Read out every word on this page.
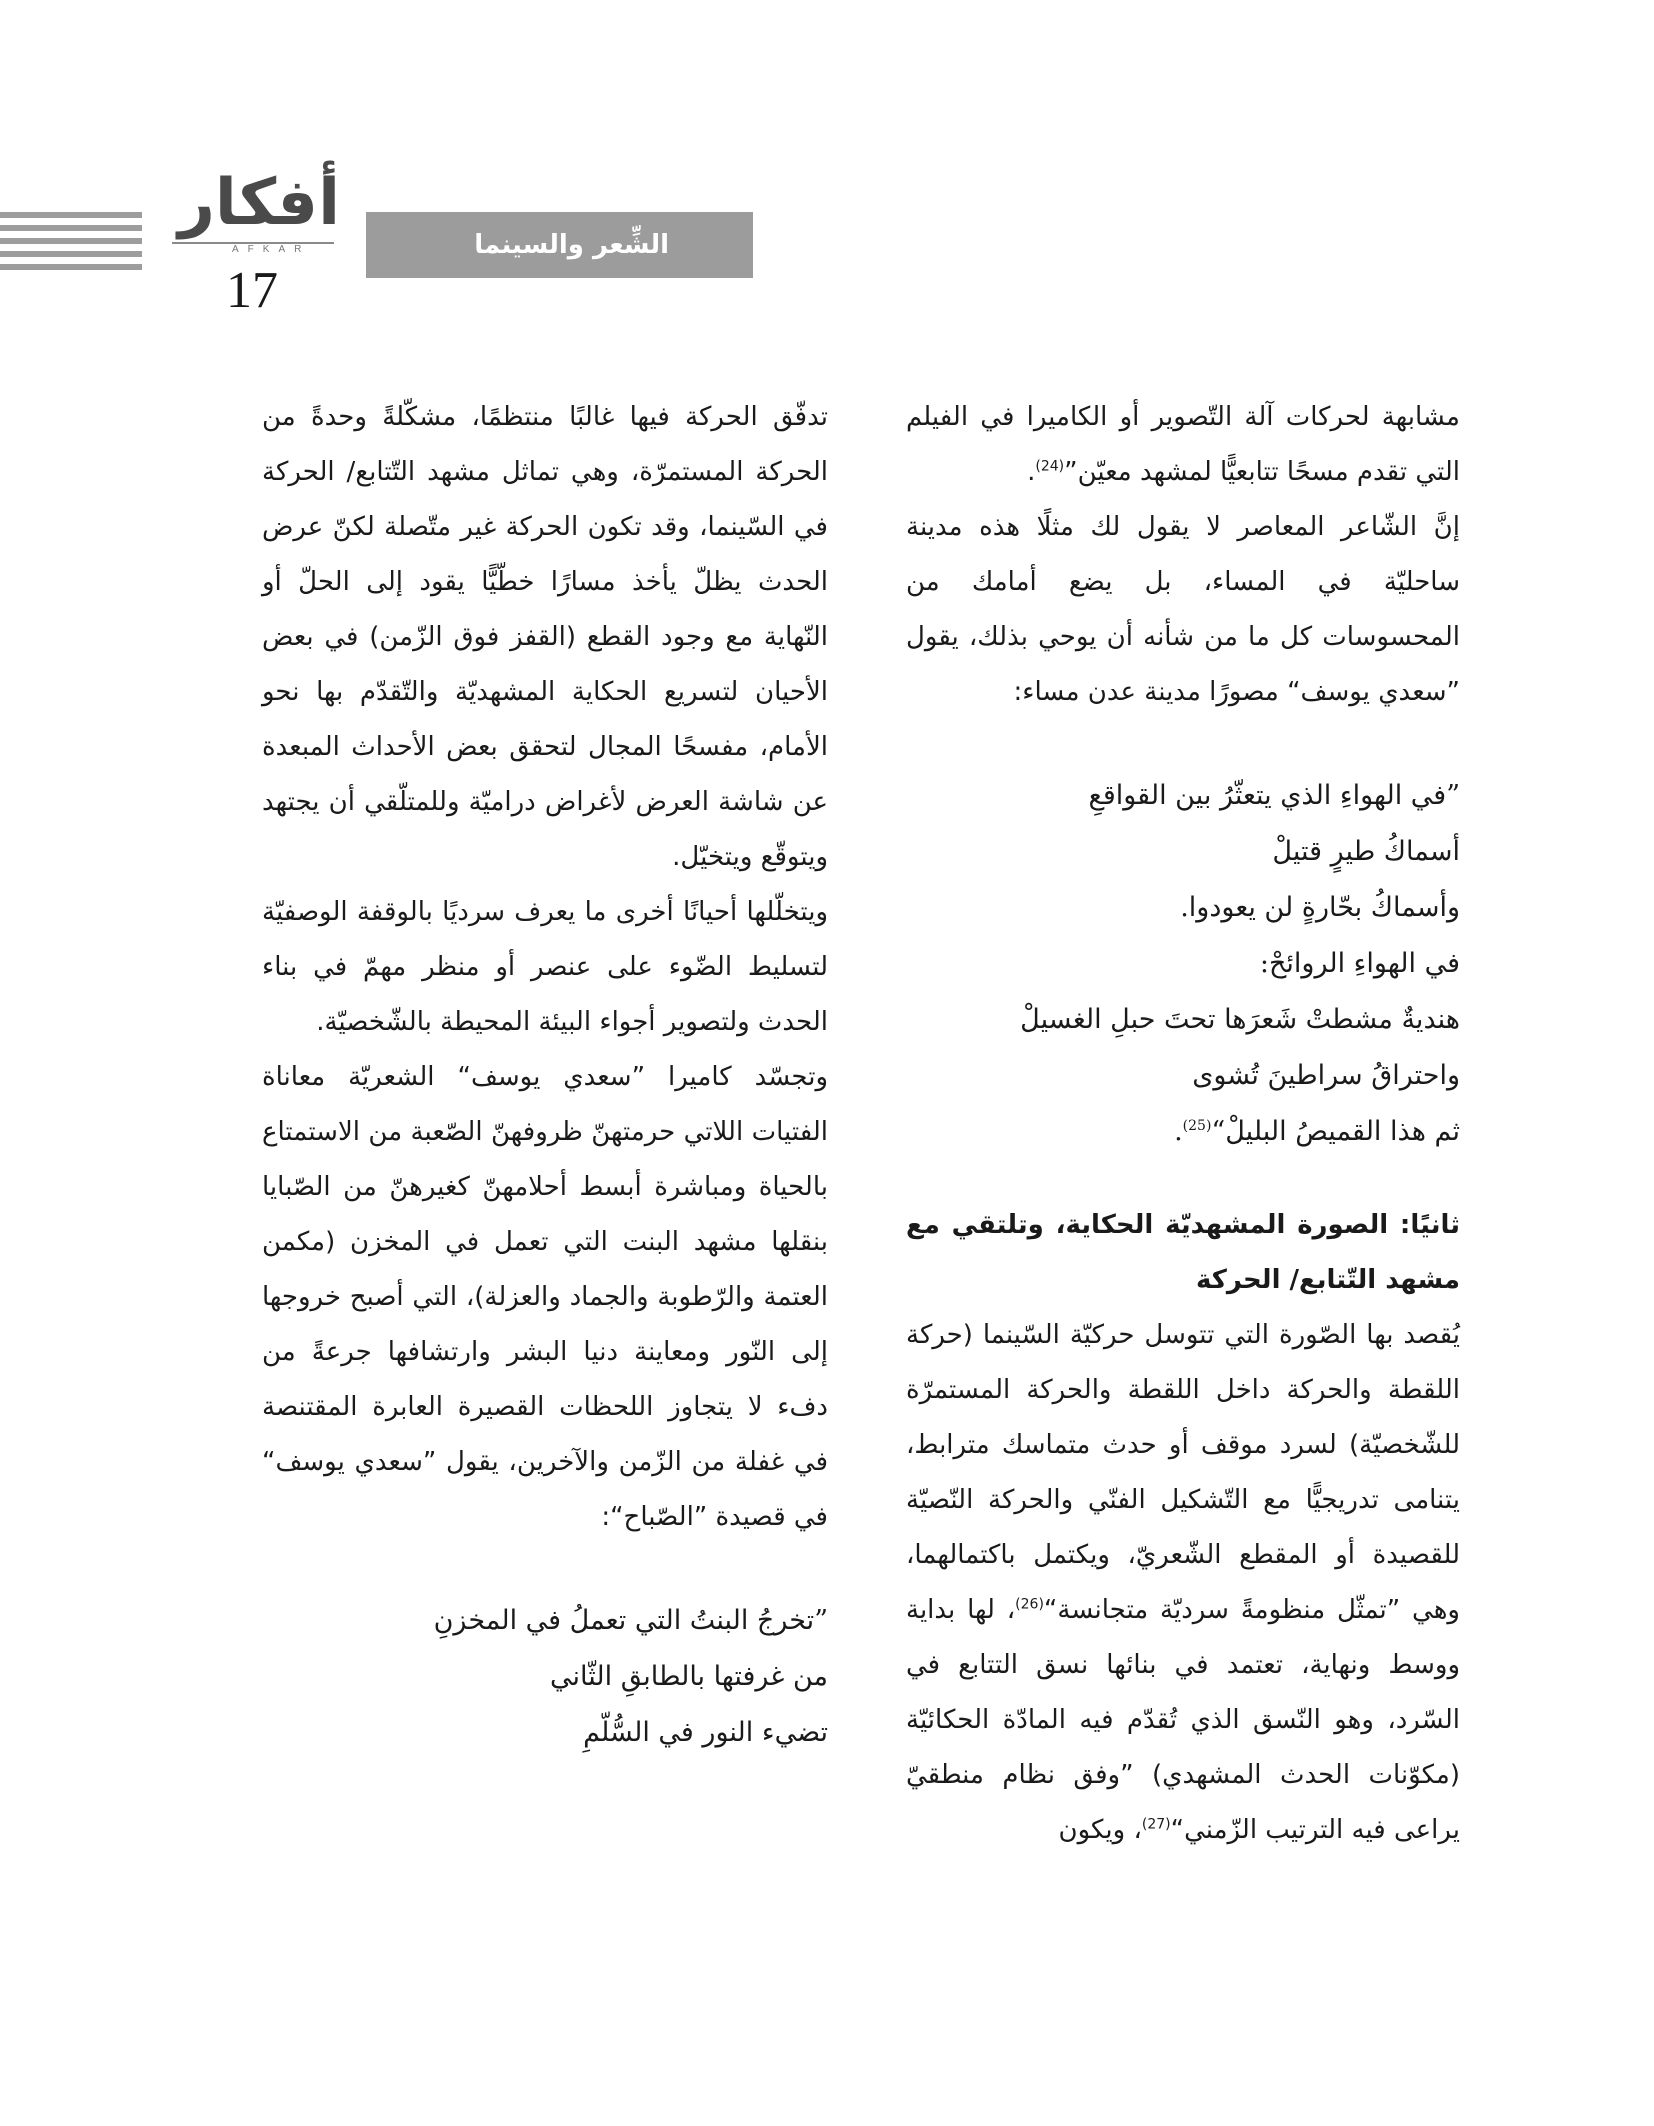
أفكار
AFKAR
17
الشِّعر والسينما

مشابهة لحركات آلة التّصوير أو الكاميرا في الفيلم التي تقدم مسحًا تتابعيًّا لمشهد معيّن”$^{(24)}$.

إنَّ الشّاعر المعاصر لا يقول لك مثلًا هذه مدينة ساحليّة في المساء، بل يضع أمامك من المحسوسات كل ما من شأنه أن يوحي بذلك، يقول ”سعدي يوسف“ مصورًا مدينة عدن مساء:

”في الهواءِ الذي يتعثّرُ بين القواقعِ
أسماكُ طيرٍ قتيلْ
وأسماكُ بحّارةٍ لن يعودوا.
في الهواءِ الروائحْ:
هنديةٌ مشطتْ شَعرَها تحتَ حبلِ الغسيلْ
واحتراقُ سراطينَ تُشوى
ثم هذا القميصُ البليلْ“$^{(25)}$.

ثانيًا: الصورة المشهديّة الحكاية، وتلتقي مع مشهد التّتابع/ الحركة

يُقصد بها الصّورة التي تتوسل حركيّة السّينما (حركة اللقطة والحركة داخل اللقطة والحركة المستمرّة للشّخصيّة) لسرد موقف أو حدث متماسك مترابط، يتنامى تدريجيًّا مع التّشكيل الفنّي والحركة النّصيّة للقصيدة أو المقطع الشّعريّ، ويكتمل باكتمالهما، وهي ”تمثّل منظومةً سرديّة متجانسة“$^{(26)}$، لها بداية ووسط ونهاية، تعتمد في بنائها نسق التتابع في السّرد، وهو النّسق الذي تُقدّم فيه المادّة الحكائيّة (مكوّنات الحدث المشهدي) ”وفق نظام منطقيّ يراعى فيه الترتيب الزّمني“$^{(27)}$، ويكون

تدفّق الحركة فيها غالبًا منتظمًا، مشكّلةً وحدةً من الحركة المستمرّة، وهي تماثل مشهد التّتابع/ الحركة في السّينما، وقد تكون الحركة غير متّصلة لكنّ عرض الحدث يظلّ يأخذ مسارًا خطّيًّا يقود إلى الحلّ أو النّهاية مع وجود القطع (القفز فوق الزّمن) في بعض الأحيان لتسريع الحكاية المشهديّة والتّقدّم بها نحو الأمام، مفسحًا المجال لتحقق بعض الأحداث المبعدة عن شاشة العرض لأغراض دراميّة وللمتلّقي أن يجتهد ويتوقّع ويتخيّل.

ويتخلّلها أحيانًا أخرى ما يعرف سرديًا بالوقفة الوصفيّة لتسليط الضّوء على عنصر أو منظر مهمّ في بناء الحدث ولتصوير أجواء البيئة المحيطة بالشّخصيّة.

وتجسّد كاميرا ”سعدي يوسف“ الشعريّة معاناة الفتيات اللاتي حرمتهنّ ظروفهنّ الصّعبة من الاستمتاع بالحياة ومباشرة أبسط أحلامهنّ كغيرهنّ من الصّبايا بنقلها مشهد البنت التي تعمل في المخزن (مكمن العتمة والرّطوبة والجماد والعزلة)، التي أصبح خروجها إلى النّور ومعاينة دنيا البشر وارتشافها جرعةً من دفء لا يتجاوز اللحظات القصيرة العابرة المقتنصة في غفلة من الزّمن والآخرين، يقول ”سعدي يوسف“ في قصيدة ”الصّباح“:

”تخرجُ البنتُ التي تعملُ في المخزنِ
من غرفتها بالطابقِ الثّاني
تضيء النور في السُّلّمِ
